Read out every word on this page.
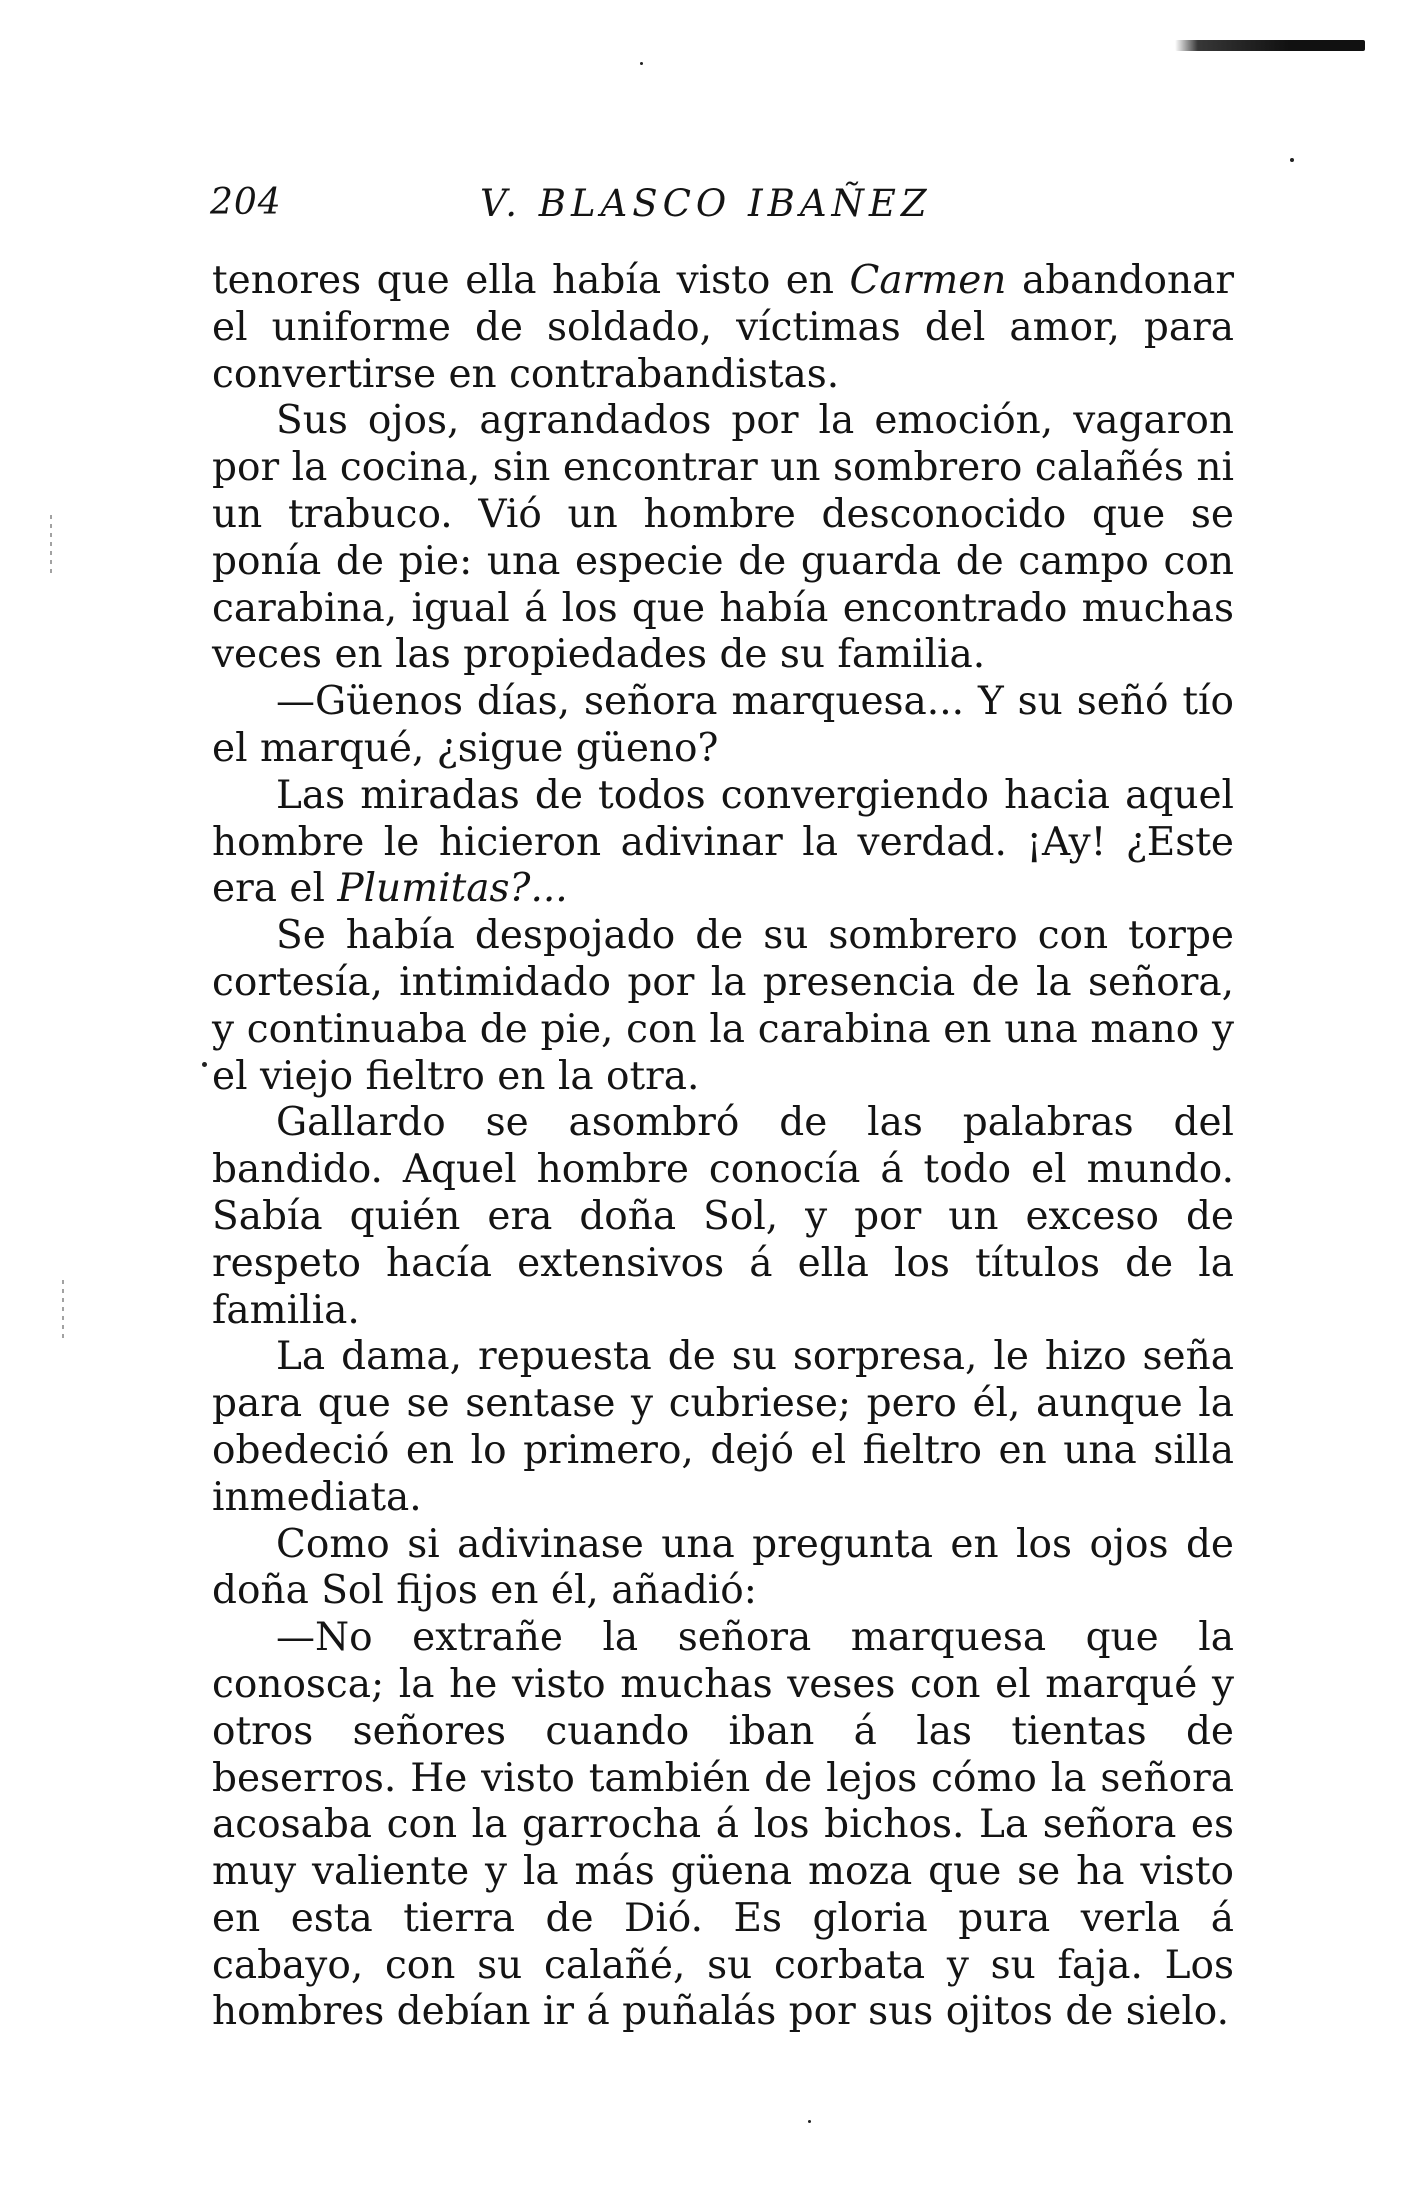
204	V. BLASCO IBAÑEZ

tenores que ella había visto en Carmen abandonar el uniforme de soldado, víctimas del amor, para convertirse en contrabandistas.

Sus ojos, agrandados por la emoción, vagaron por la cocina, sin encontrar un sombrero calañés ni un trabuco. Vió un hombre desconocido que se ponía de pie: una especie de guarda de campo con carabina, igual á los que había encontrado muchas veces en las propiedades de su familia.

—Güenos días, señora marquesa... Y su señó tío el marqué, ¿sigue güeno?

Las miradas de todos convergiendo hacia aquel hombre le hicieron adivinar la verdad. ¡Ay! ¿Este era el Plumitas?...

Se había despojado de su sombrero con torpe cortesía, intimidado por la presencia de la señora, y continuaba de pie, con la carabina en una mano y el viejo fieltro en la otra.

Gallardo se asombró de las palabras del bandido. Aquel hombre conocía á todo el mundo. Sabía quién era doña Sol, y por un exceso de respeto hacía extensivos á ella los títulos de la familia.

La dama, repuesta de su sorpresa, le hizo seña para que se sentase y cubriese; pero él, aunque la obedeció en lo primero, dejó el fieltro en una silla inmediata.

Como si adivinase una pregunta en los ojos de doña Sol fijos en él, añadió:

—No extrañe la señora marquesa que la conosca; la he visto muchas veses con el marqué y otros señores cuando iban á las tientas de beserros. He visto también de lejos cómo la señora acosaba con la garrocha á los bichos. La señora es muy valiente y la más güena moza que se ha visto en esta tierra de Dió. Es gloria pura verla á cabayo, con su calañé, su corbata y su faja. Los hombres debían ir á puñalás por sus ojitos de sielo.
